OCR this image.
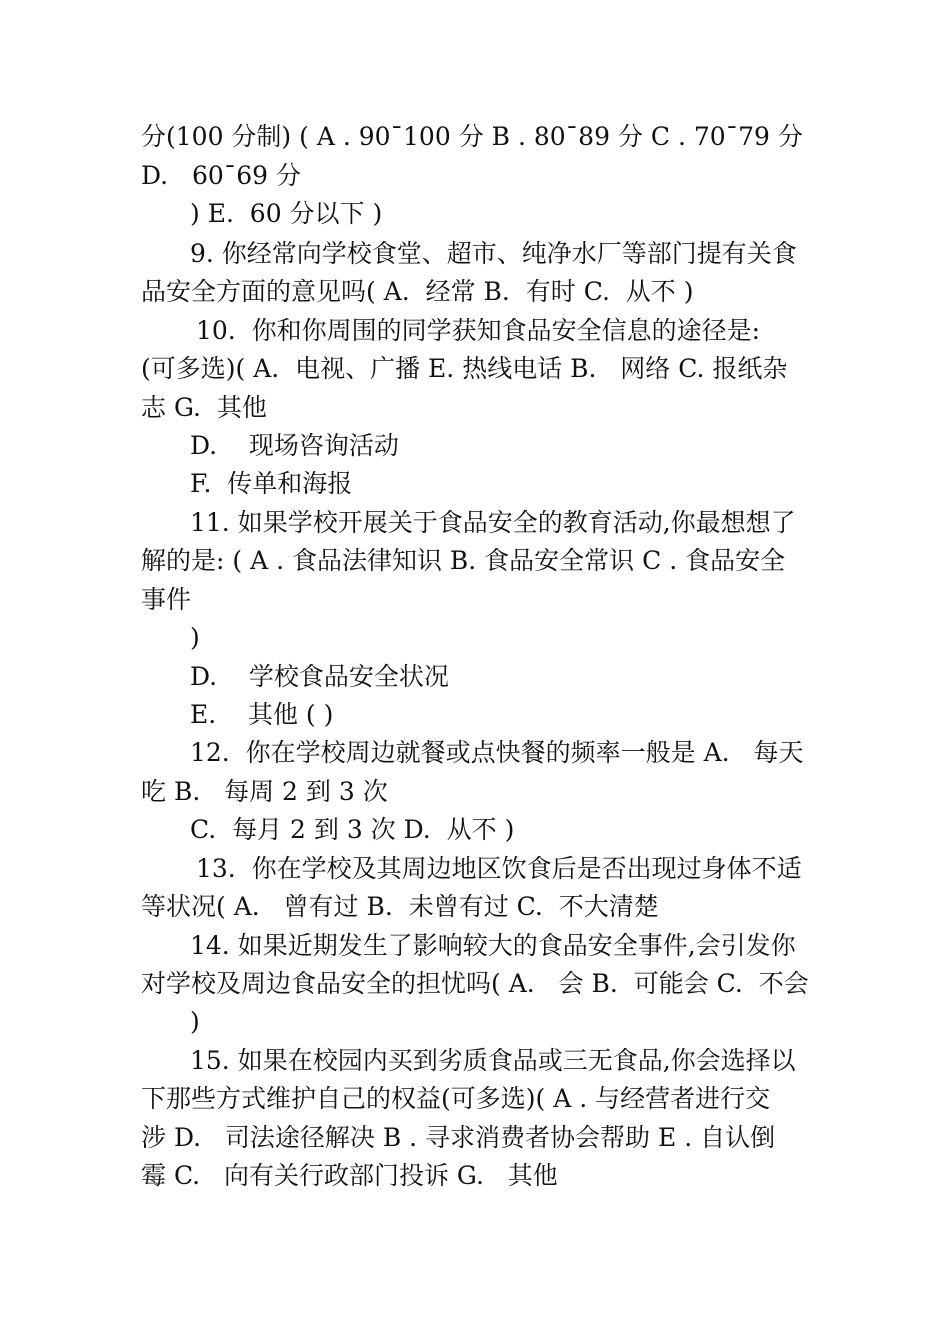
分(100 分制) ( A . 90¯100 分 B . 80¯89 分 C . 70¯79 分

D.   60¯69 分

) E.  60 分以下 )

9. 你经常向学校食堂、超市、纯净水厂等部门提有关食

品安全方面的意见吗( A.  经常 B.  有时 C.  从不 )

10.  你和你周围的同学获知食品安全信息的途径是:

(可多选)( A.  电视、广播 E. 热线电话 B.   网络 C. 报纸杂

志 G.  其他

D.    现场咨询活动

F.  传单和海报

11. 如果学校开展关于食品安全的教育活动,你最想想了

解的是: ( A . 食品法律知识 B. 食品安全常识 C . 食品安全

事件

)

D.    学校食品安全状况

E.    其他 ( )

12.  你在学校周边就餐或点快餐的频率一般是 A.   每天

吃 B.   每周 2 到 3 次

C.  每月 2 到 3 次 D.  从不 )

13.  你在学校及其周边地区饮食后是否出现过身体不适

等状况( A.   曾有过 B.  未曾有过 C.  不大清楚

14. 如果近期发生了影响较大的食品安全事件,会引发你

对学校及周边食品安全的担忧吗( A.   会 B.  可能会 C.  不会

)

15. 如果在校园内买到劣质食品或三无食品,你会选择以

下那些方式维护自己的权益(可多选)( A . 与经营者进行交

涉 D.   司法途径解决 B . 寻求消费者协会帮助 E . 自认倒

霉 C.   向有关行政部门投诉 G.   其他
